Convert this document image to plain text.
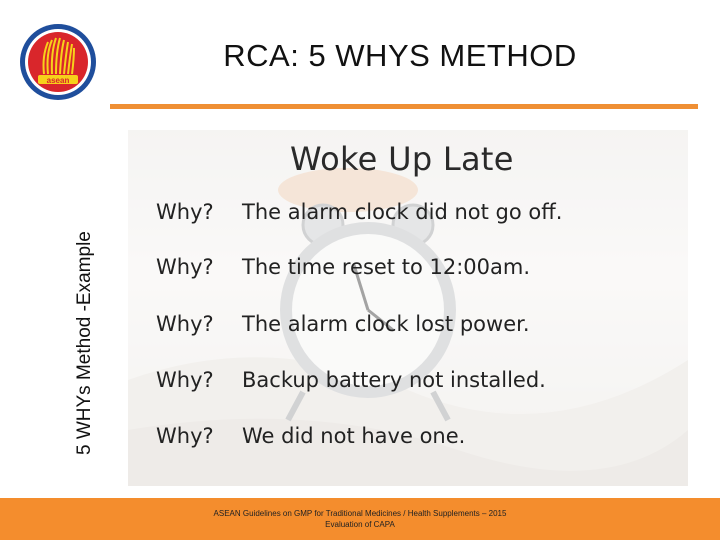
asean
RCA: 5 WHYS METHOD
5 WHYs Method -Example
Woke Up Late
Why? The alarm clock did not go off.
Why? The time reset to 12:00am.
Why? The alarm clock lost power.
Why? Backup battery not installed.
Why? We did not have one.
ASEAN Guidelines on GMP for Traditional Medicines / Health Supplements – 2015
Evaluation of CAPA
